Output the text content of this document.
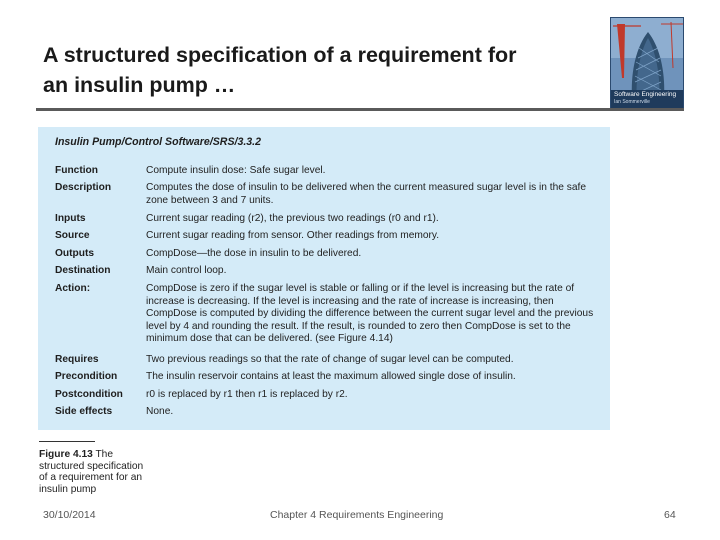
A structured specification of a requirement for
an insulin pump …	Software Engineering
Ian Sommerville
Insulin Pump/Control Software/SRS/3.3.2
Function	Compute insulin dose: Safe sugar level.
Description	Computes the dose of insulin to be delivered when the current measured sugar level is in the safe zone between 3 and 7 units.
Inputs	Current sugar reading (r2), the previous two readings (r0 and r1).
Source	Current sugar reading from sensor. Other readings from memory.
Outputs	CompDose—the dose in insulin to be delivered.
Destination	Main control loop.
Action:	CompDose is zero if the sugar level is stable or falling or if the level is increasing but the rate of increase is decreasing. If the level is increasing and the rate of increase is increasing, then CompDose is computed by dividing the difference between the current sugar level and the previous level by 4 and rounding the result. If the result, is rounded to zero then CompDose is set to the minimum dose that can be delivered. (see Figure 4.14)
Requires	Two previous readings so that the rate of change of sugar level can be computed.
Precondition	The insulin reservoir contains at least the maximum allowed single dose of insulin.
Postcondition	r0 is replaced by r1 then r1 is replaced by r2.
Side effects	None.
Figure 4.13 The structured specification of a requirement for an insulin pump
30/10/2014	Chapter 4 Requirements Engineering	64
